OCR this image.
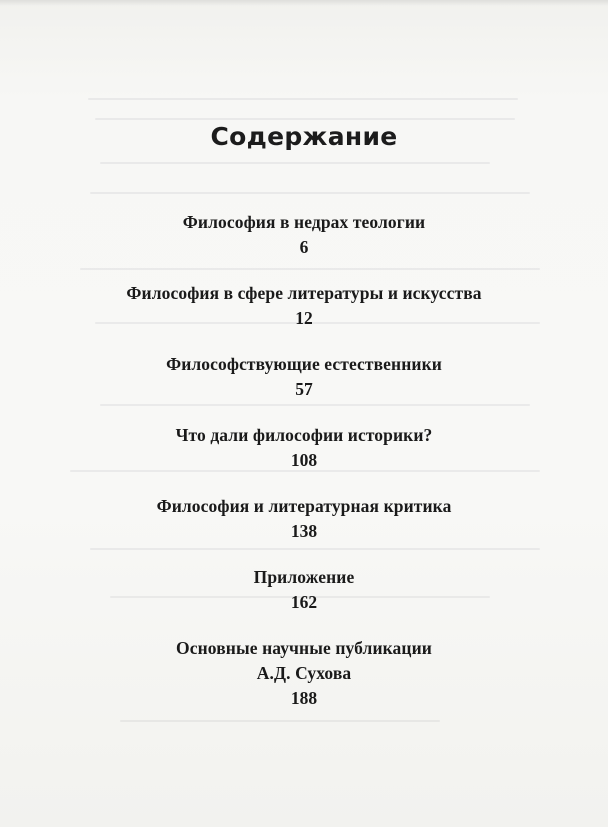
Содержание
Философия в недрах теологии
6
Философия в сфере литературы и искусства
12
Философствующие естественники
57
Что дали философии историки?
108
Философия и литературная критика
138
Приложение
162
Основные научные публикации
А.Д. Сухова
188
